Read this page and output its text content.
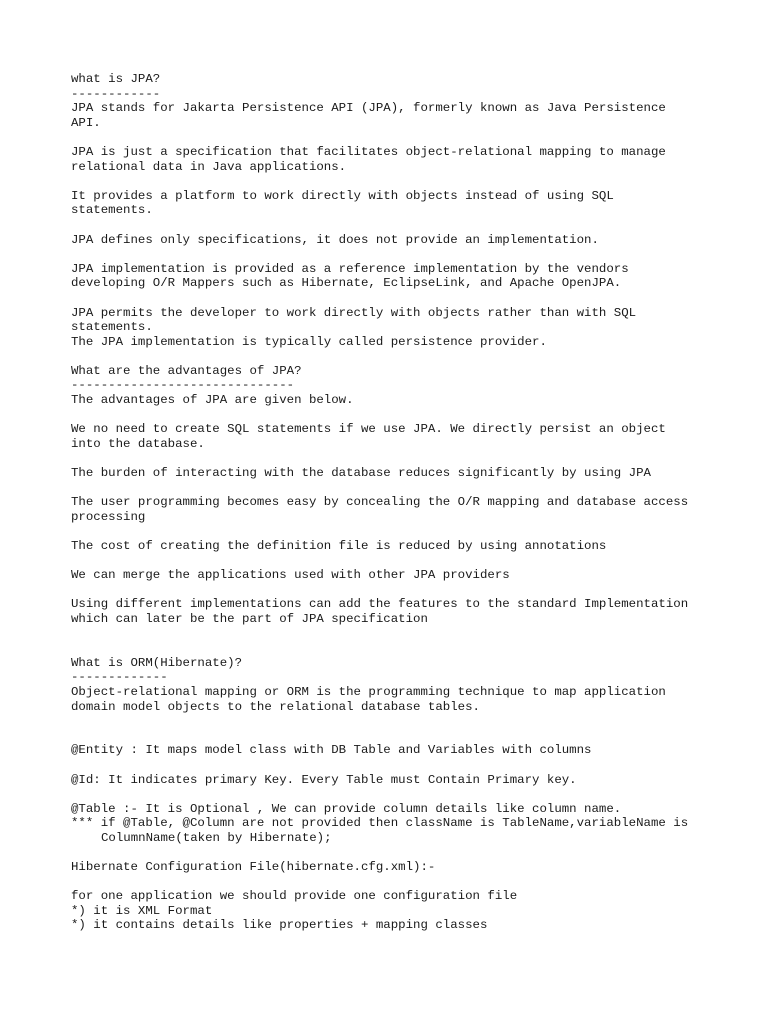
what is JPA?
------------
JPA stands for Jakarta Persistence API (JPA), formerly known as Java Persistence
API.
JPA is just a specification that facilitates object-relational mapping to manage
relational data in Java applications.
It provides a platform to work directly with objects instead of using SQL
statements.
JPA defines only specifications, it does not provide an implementation.
JPA implementation is provided as a reference implementation by the vendors
developing O/R Mappers such as Hibernate, EclipseLink, and Apache OpenJPA.
JPA permits the developer to work directly with objects rather than with SQL
statements.
The JPA implementation is typically called persistence provider.
What are the advantages of JPA?
------------------------------
The advantages of JPA are given below.
We no need to create SQL statements if we use JPA. We directly persist an object
into the database.
The burden of interacting with the database reduces significantly by using JPA
The user programming becomes easy by concealing the O/R mapping and database access
processing
The cost of creating the definition file is reduced by using annotations
We can merge the applications used with other JPA providers
Using different implementations can add the features to the standard Implementation
which can later be the part of JPA specification
What is ORM(Hibernate)?
-------------
Object-relational mapping or ORM is the programming technique to map application
domain model objects to the relational database tables.
@Entity : It maps model class with DB Table and Variables with columns
@Id: It indicates primary Key. Every Table must Contain Primary key.
@Table :- It is Optional , We can provide column details like column name.
*** if @Table, @Column are not provided then className is TableName,variableName is
ColumnName(taken by Hibernate);
Hibernate Configuration File(hibernate.cfg.xml):-
for one application we should provide one configuration file
*) it is XML Format
*) it contains details like properties + mapping classes
